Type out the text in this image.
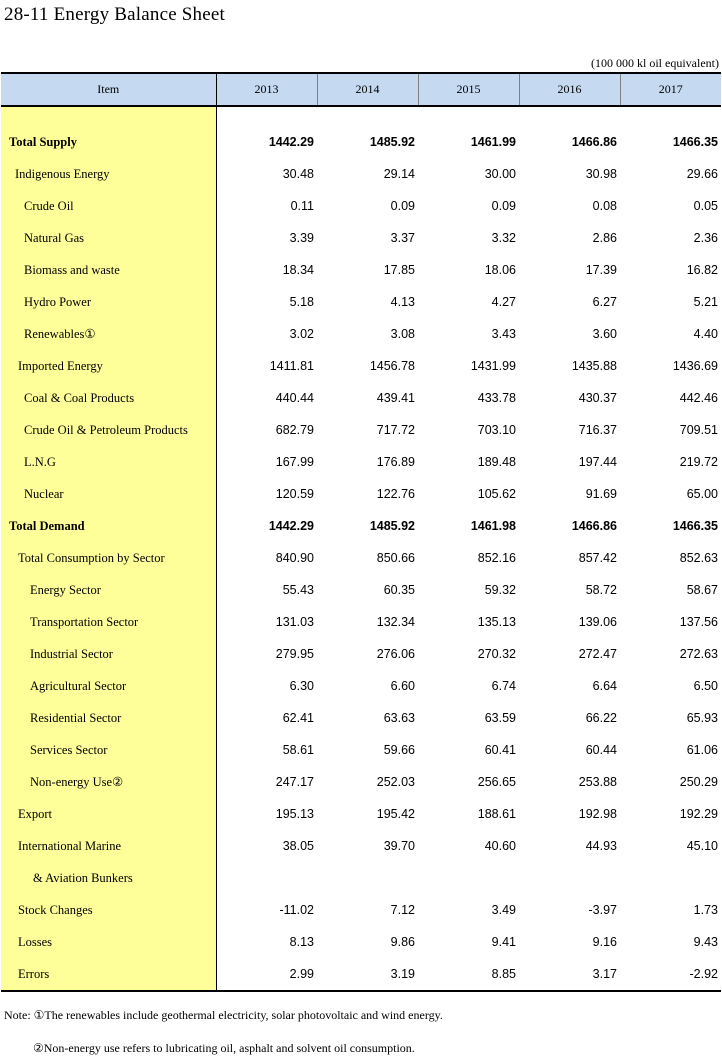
28-11 Energy Balance Sheet
(100 000 kl oil equivalent)
Item	2013	2014	2015	2016	2017

Total Supply	1442.29	1485.92	1461.99	1466.86	1466.35
Indigenous Energy	30.48	29.14	30.00	30.98	29.66
Crude Oil	0.11	0.09	0.09	0.08	0.05
Natural Gas	3.39	3.37	3.32	2.86	2.36
Biomass and waste	18.34	17.85	18.06	17.39	16.82
Hydro Power	5.18	4.13	4.27	6.27	5.21
Renewables①	3.02	3.08	3.43	3.60	4.40
Imported Energy	1411.81	1456.78	1431.99	1435.88	1436.69
Coal & Coal Products	440.44	439.41	433.78	430.37	442.46
Crude Oil & Petroleum Products	682.79	717.72	703.10	716.37	709.51
L.N.G	167.99	176.89	189.48	197.44	219.72
Nuclear	120.59	122.76	105.62	91.69	65.00
Total Demand	1442.29	1485.92	1461.98	1466.86	1466.35
Total Consumption by Sector	840.90	850.66	852.16	857.42	852.63
Energy Sector	55.43	60.35	59.32	58.72	58.67
Transportation Sector	131.03	132.34	135.13	139.06	137.56
Industrial Sector	279.95	276.06	270.32	272.47	272.63
Agricultural Sector	6.30	6.60	6.74	6.64	6.50
Residential Sector	62.41	63.63	63.59	66.22	65.93
Services Sector	58.61	59.66	60.41	60.44	61.06
Non-energy Use②	247.17	252.03	256.65	253.88	250.29
Export	195.13	195.42	188.61	192.98	192.29
International Marine	38.05	39.70	40.60	44.93	45.10
& Aviation Bunkers					
Stock Changes	-11.02	7.12	3.49	-3.97	1.73
Losses	8.13	9.86	9.41	9.16	9.43
Errors	2.99	3.19	8.85	3.17	-2.92
Note: ①The renewables include geothermal electricity, solar photovoltaic and wind energy.
②Non-energy use refers to lubricating oil, asphalt and solvent oil consumption.
